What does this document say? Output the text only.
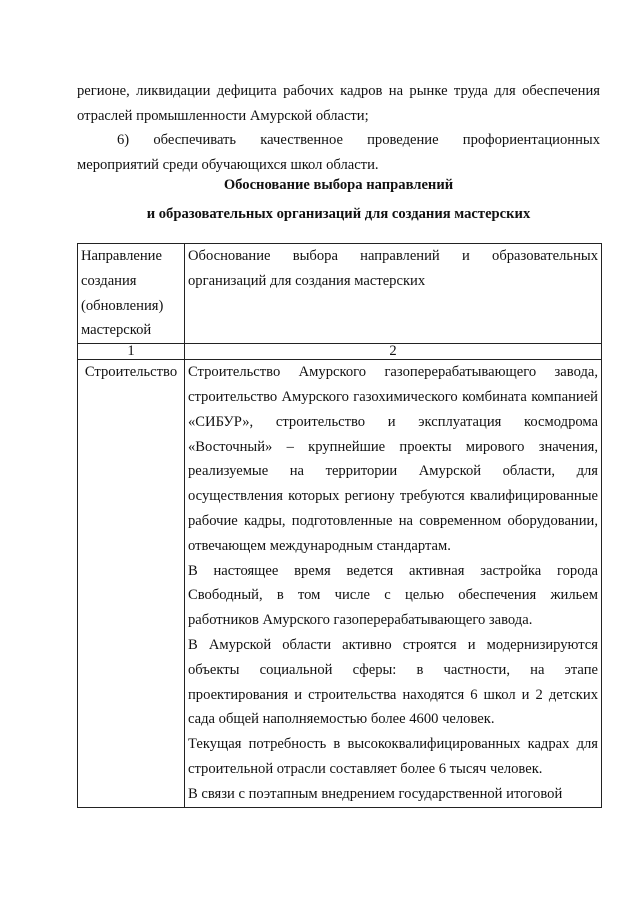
регионе, ликвидации дефицита рабочих кадров на рынке труда для обеспечения отраслей промышленности Амурской области;

6) обеспечивать качественное проведение профориентационных мероприятий среди обучающихся школ области.

Обоснование выбора направлений

и образовательных организаций для создания мастерских

Направление создания (обновления) мастерской	Обоснование выбора направлений и образовательных организаций для создания мастерских
1	2
Строительство	Строительство Амурского газоперерабатывающего завода, строительство Амурского газохимического комбината компанией «СИБУР», строительство и эксплуатация космодрома «Восточный» – крупнейшие проекты мирового значения, реализуемые на территории Амурской области, для осуществления которых региону требуются квалифицированные рабочие кадры, подготовленные на современном оборудовании, отвечающем международным стандартам.

В настоящее время ведется активная застройка города Свободный, в том числе с целью обеспечения жильем работников Амурского газоперерабатывающего завода.

В Амурской области активно строятся и модернизируются объекты социальной сферы: в частности, на этапе проектирования и строительства находятся 6 школ и 2 детских сада общей наполняемостью более 4600 человек.

Текущая потребность в высококвалифицированных кадрах для строительной отрасли составляет более 6 тысяч человек.

В связи с поэтапным внедрением государственной итоговой
